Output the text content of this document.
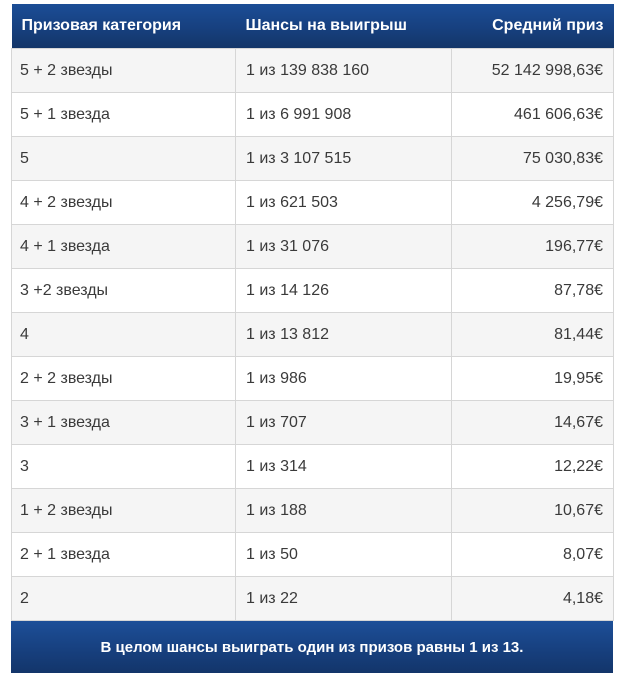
Призовая категория	Шансы на выигрыш	Средний приз
5 + 2 звезды	1 из 139 838 160	52 142 998,63€
5 + 1 звезда	1 из 6 991 908	461 606,63€
5	1 из 3 107 515	75 030,83€
4 + 2 звезды	1 из 621 503	4 256,79€
4 + 1 звезда	1 из 31 076	196,77€
3 +2 звезды	1 из 14 126	87,78€
4	1 из 13 812	81,44€
2 + 2 звезды	1 из 986	19,95€
3 + 1 звезда	1 из 707	14,67€
3	1 из 314	12,22€
1 + 2 звезды	1 из 188	10,67€
2 + 1 звезда	1 из 50	8,07€
2	1 из 22	4,18€
В целом шансы выиграть один из призов равны 1 из 13.
